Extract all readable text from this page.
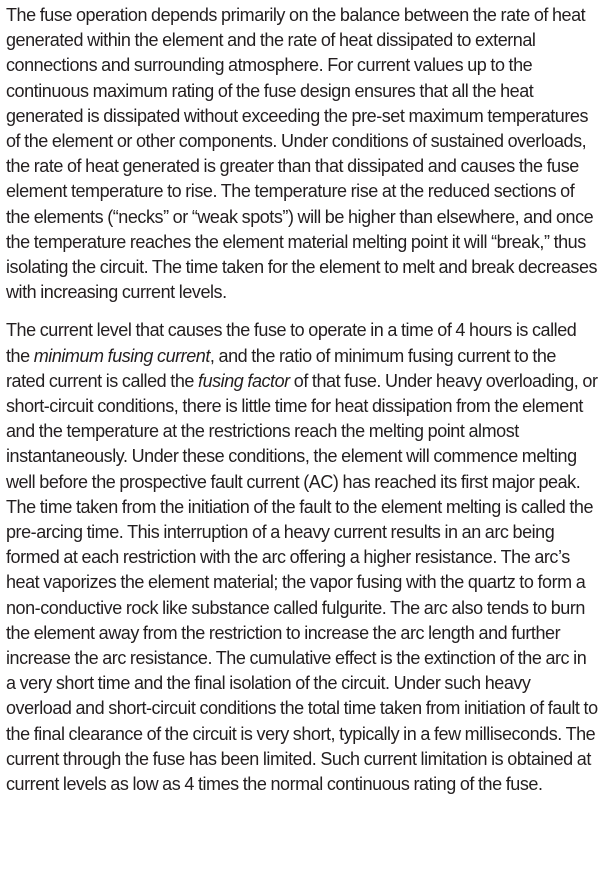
The fuse operation depends primarily on the balance between the rate of heat generated within the element and the rate of heat dissipated to external connections and surrounding atmosphere. For current values up to the continuous maximum rating of the fuse design ensures that all the heat generated is dissipated without exceeding the pre-set maximum temperatures of the element or other components. Under conditions of sustained overloads, the rate of heat generated is greater than that dissipated and causes the fuse element temperature to rise. The temperature rise at the reduced sections of the elements (“necks” or “weak spots”) will be higher than elsewhere, and once the temperature reaches the element material melting point it will “break,” thus isolating the circuit. The time taken for the element to melt and break decreases with increasing current levels.

The current level that causes the fuse to operate in a time of 4 hours is called the minimum fusing current, and the ratio of minimum fusing current to the rated current is called the fusing factor of that fuse. Under heavy overloading, or short-circuit conditions, there is little time for heat dissipation from the element and the temperature at the restrictions reach the melting point almost instantaneously. Under these conditions, the element will commence melting well before the prospective fault current (AC) has reached its first major peak. The time taken from the initiation of the fault to the element melting is called the pre-arcing time. This interruption of a heavy current results in an arc being formed at each restriction with the arc offering a higher resistance. The arc’s heat vaporizes the element material; the vapor fusing with the quartz to form a non-conductive rock like substance called fulgurite. The arc also tends to burn the element away from the restriction to increase the arc length and further increase the arc resistance. The cumulative effect is the extinction of the arc in a very short time and the final isolation of the circuit. Under such heavy overload and short-circuit conditions the total time taken from initiation of fault to the final clearance of the circuit is very short, typically in a few milliseconds. The current through the fuse has been limited. Such current limitation is obtained at current levels as low as 4 times the normal continuous rating of the fuse.
